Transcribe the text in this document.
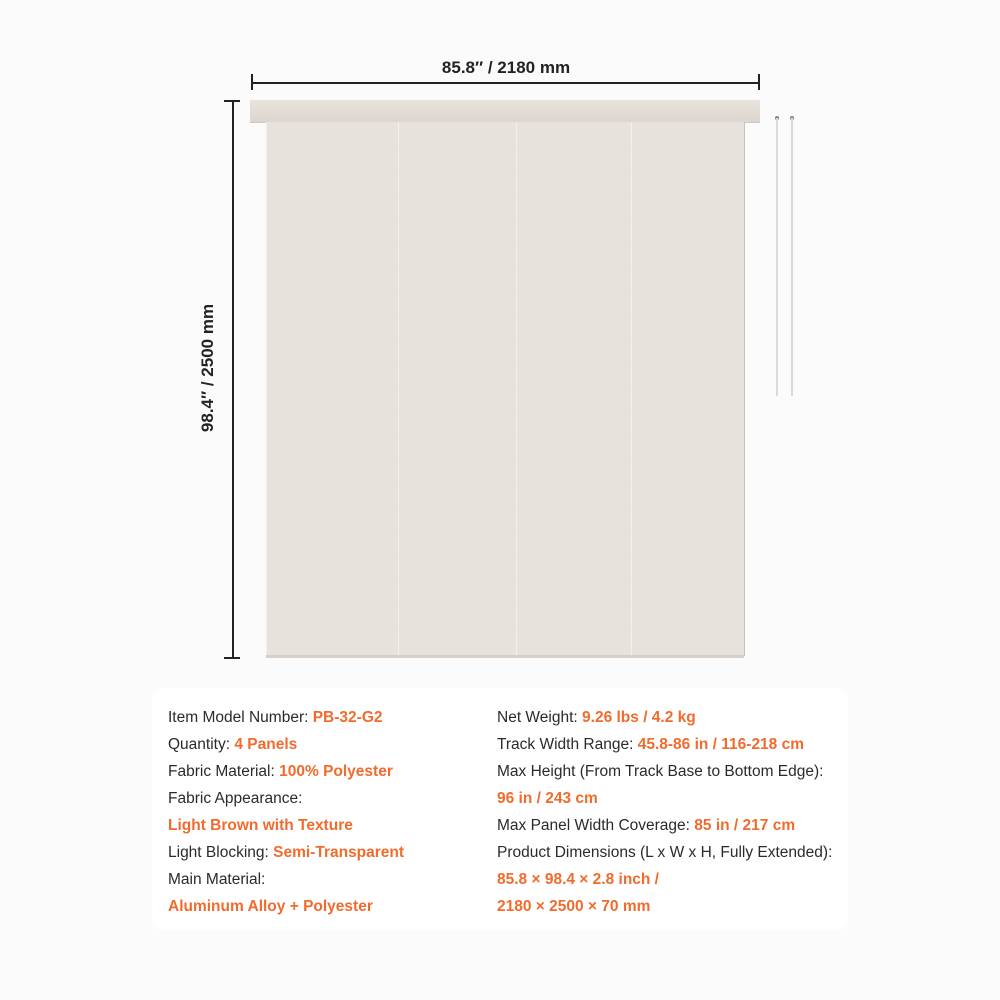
85.8″ / 2180 mm
98.4″ / 2500 mm
Item Model Number: PB-32-G2
Quantity: 4 Panels
Fabric Material: 100% Polyester
Fabric Appearance:
Light Brown with Texture
Light Blocking: Semi-Transparent
Main Material:
Aluminum Alloy + Polyester
Net Weight: 9.26 lbs / 4.2 kg
Track Width Range: 45.8-86 in / 116-218 cm
Max Height (From Track Base to Bottom Edge):
96 in / 243 cm
Max Panel Width Coverage: 85 in / 217 cm
Product Dimensions (L x W x H, Fully Extended):
85.8 × 98.4 × 2.8 inch /
2180 × 2500 × 70 mm
